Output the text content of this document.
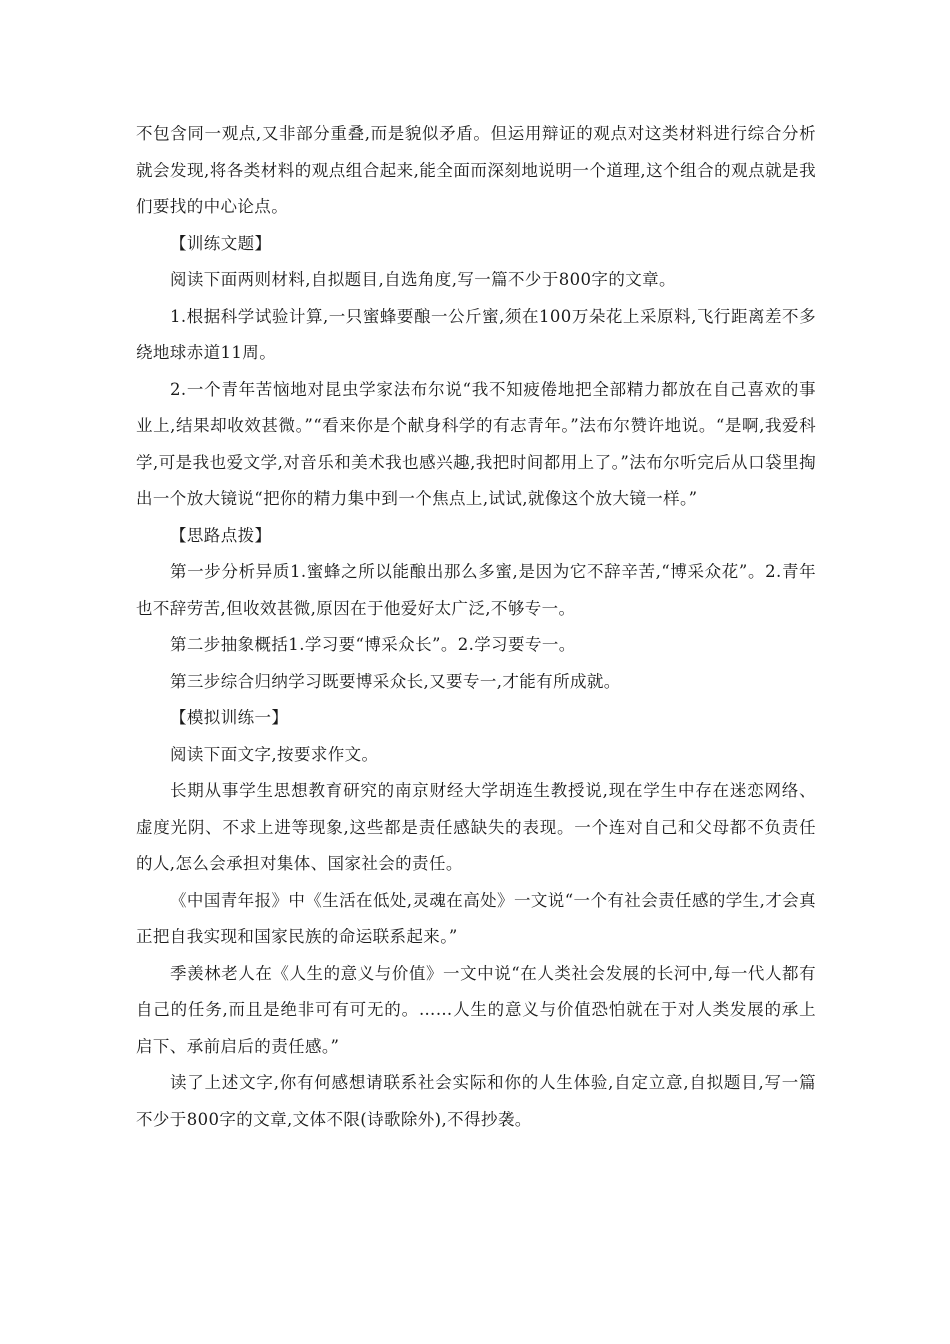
不包含同一观点,又非部分重叠,而是貌似矛盾。但运用辩证的观点对这类材料进行综合分析就会发现,将各类材料的观点组合起来,能全面而深刻地说明一个道理,这个组合的观点就是我们要找的中心论点。

【训练文题】

阅读下面两则材料,自拟题目,自选角度,写一篇不少于800字的文章。

1.根据科学试验计算,一只蜜蜂要酿一公斤蜜,须在100万朵花上采原料,飞行距离差不多绕地球赤道11周。

2.一个青年苦恼地对昆虫学家法布尔说“我不知疲倦地把全部精力都放在自己喜欢的事业上,结果却收效甚微。”“看来你是个献身科学的有志青年。”法布尔赞许地说。“是啊,我爱科学,可是我也爱文学,对音乐和美术我也感兴趣,我把时间都用上了。”法布尔听完后从口袋里掏出一个放大镜说“把你的精力集中到一个焦点上,试试,就像这个放大镜一样。”

【思路点拨】

第一步分析异质1.蜜蜂之所以能酿出那么多蜜,是因为它不辞辛苦,“博采众花”。2.青年也不辞劳苦,但收效甚微,原因在于他爱好太广泛,不够专一。

第二步抽象概括1.学习要“博采众长”。2.学习要专一。

第三步综合归纳学习既要博采众长,又要专一,才能有所成就。

【模拟训练一】

阅读下面文字,按要求作文。

长期从事学生思想教育研究的南京财经大学胡连生教授说,现在学生中存在迷恋网络、虚度光阴、不求上进等现象,这些都是责任感缺失的表现。一个连对自己和父母都不负责任的人,怎么会承担对集体、国家社会的责任。

《中国青年报》中《生活在低处,灵魂在高处》一文说“一个有社会责任感的学生,才会真正把自我实现和国家民族的命运联系起来。”

季羡林老人在《人生的意义与价值》一文中说“在人类社会发展的长河中,每一代人都有自己的任务,而且是绝非可有可无的。……人生的意义与价值恐怕就在于对人类发展的承上启下、承前启后的责任感。”

读了上述文字,你有何感想请联系社会实际和你的人生体验,自定立意,自拟题目,写一篇不少于800字的文章,文体不限(诗歌除外),不得抄袭。
